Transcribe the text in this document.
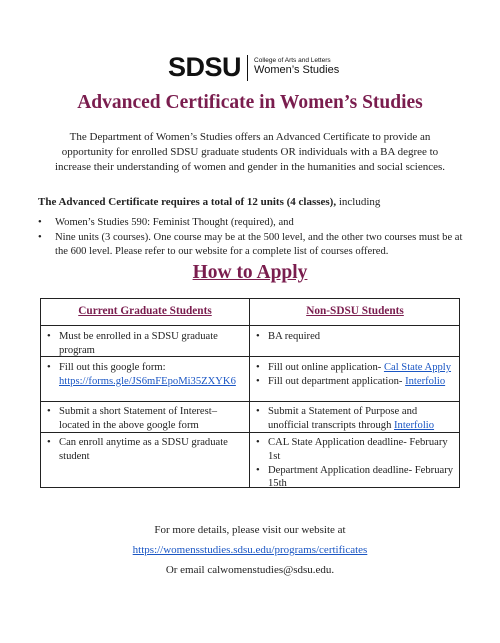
SDSU College of Arts and Letters
Women’s Studies
Advanced Certificate in Women’s Studies
The Department of Women’s Studies offers an Advanced Certificate to provide an opportunity for enrolled SDSU graduate students OR individuals with a BA degree to increase their understanding of women and gender in the humanities and social sciences.
The Advanced Certificate requires a total of 12 units (4 classes), including
• Women’s Studies 590: Feminist Thought (required), and
• Nine units (3 courses). One course may be at the 500 level, and the other two courses must be at the 600 level. Please refer to our website for a complete list of courses offered.
How to Apply
Current Graduate Students	Non-SDSU Students
• Must be enrolled in a SDSU graduate program
• BA required
• Fill out this google form:
https://forms.gle/JS6mFEpoMi35ZXYK6
• Fill out online application- Cal State Apply
• Fill out department application- Interfolio
• Submit a short Statement of Interest– located in the above google form
• Submit a Statement of Purpose and unofficial transcripts through Interfolio
• Can enroll anytime as a SDSU graduate student
• CAL State Application deadline- February 1st
• Department Application deadline- February 15th
For more details, please visit our website at
https://womensstudies.sdsu.edu/programs/certificates
Or email calwomenstudies@sdsu.edu.
